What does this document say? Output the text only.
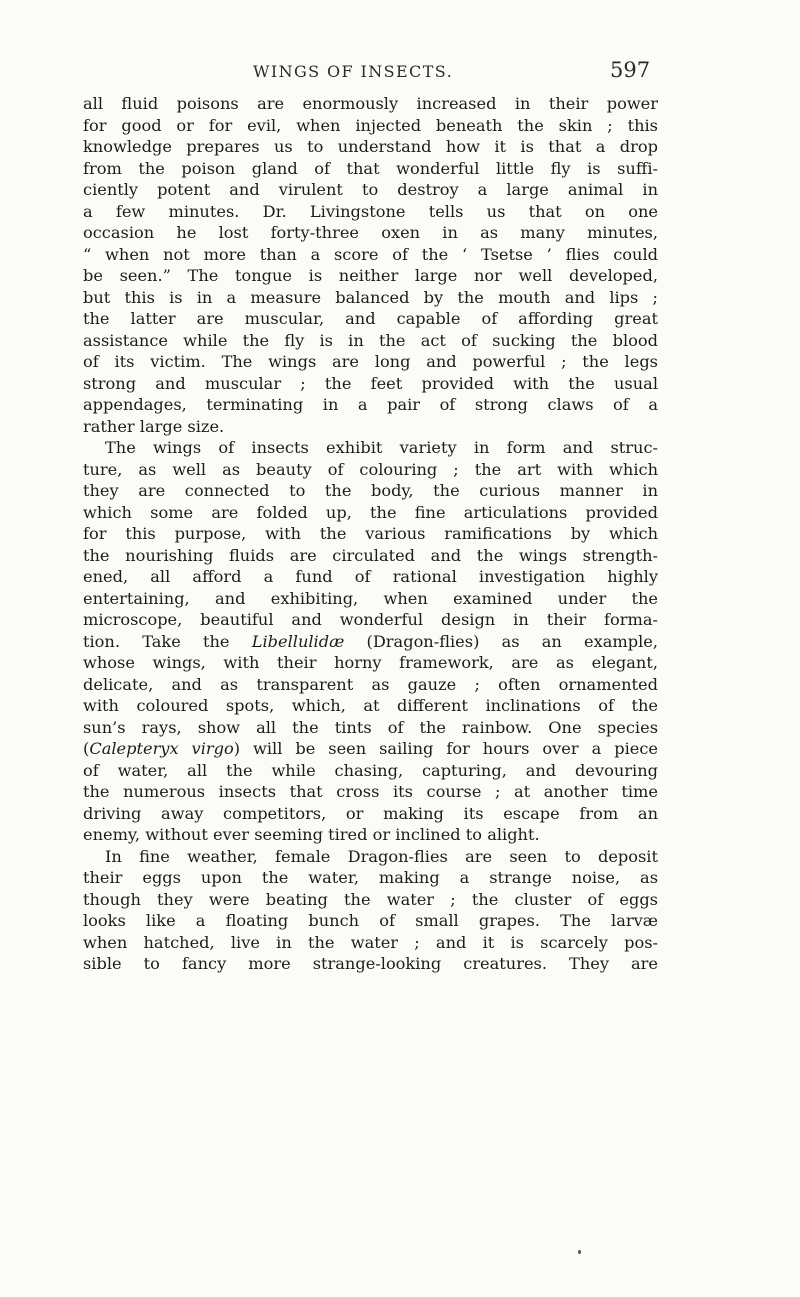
WINGS OF INSECTS.	597
all fluid poisons are enormously increased in their power
for good or for evil, when injected beneath the skin ; this
knowledge prepares us to understand how it is that a drop
from the poison gland of that wonderful little fly is suffi-
ciently potent and virulent to destroy a large animal in
a few minutes. Dr. Livingstone tells us that on one
occasion he lost forty-three oxen in as many minutes,
“ when not more than a score of the ‘ Tsetse ’ flies could
be seen.” The tongue is neither large nor well developed,
but this is in a measure balanced by the mouth and lips ;
the latter are muscular, and capable of affording great
assistance while the fly is in the act of sucking the blood
of its victim. The wings are long and powerful ; the legs
strong and muscular ; the feet provided with the usual
appendages, terminating in a pair of strong claws of a
rather large size.
The wings of insects exhibit variety in form and struc-
ture, as well as beauty of colouring ; the art with which
they are connected to the body, the curious manner in
which some are folded up, the fine articulations provided
for this purpose, with the various ramifications by which
the nourishing fluids are circulated and the wings strength-
ened, all afford a fund of rational investigation highly
entertaining, and exhibiting, when examined under the
microscope, beautiful and wonderful design in their forma-
tion. Take the Libellulidæ (Dragon-flies) as an example,
whose wings, with their horny framework, are as elegant,
delicate, and as transparent as gauze ; often ornamented
with coloured spots, which, at different inclinations of the
sun’s rays, show all the tints of the rainbow. One species
(Calepteryx virgo) will be seen sailing for hours over a piece
of water, all the while chasing, capturing, and devouring
the numerous insects that cross its course ; at another time
driving away competitors, or making its escape from an
enemy, without ever seeming tired or inclined to alight.
In fine weather, female Dragon-flies are seen to deposit
their eggs upon the water, making a strange noise, as
though they were beating the water ; the cluster of eggs
looks like a floating bunch of small grapes. The larvæ
when hatched, live in the water ; and it is scarcely pos-
sible to fancy more strange-looking creatures. They are
